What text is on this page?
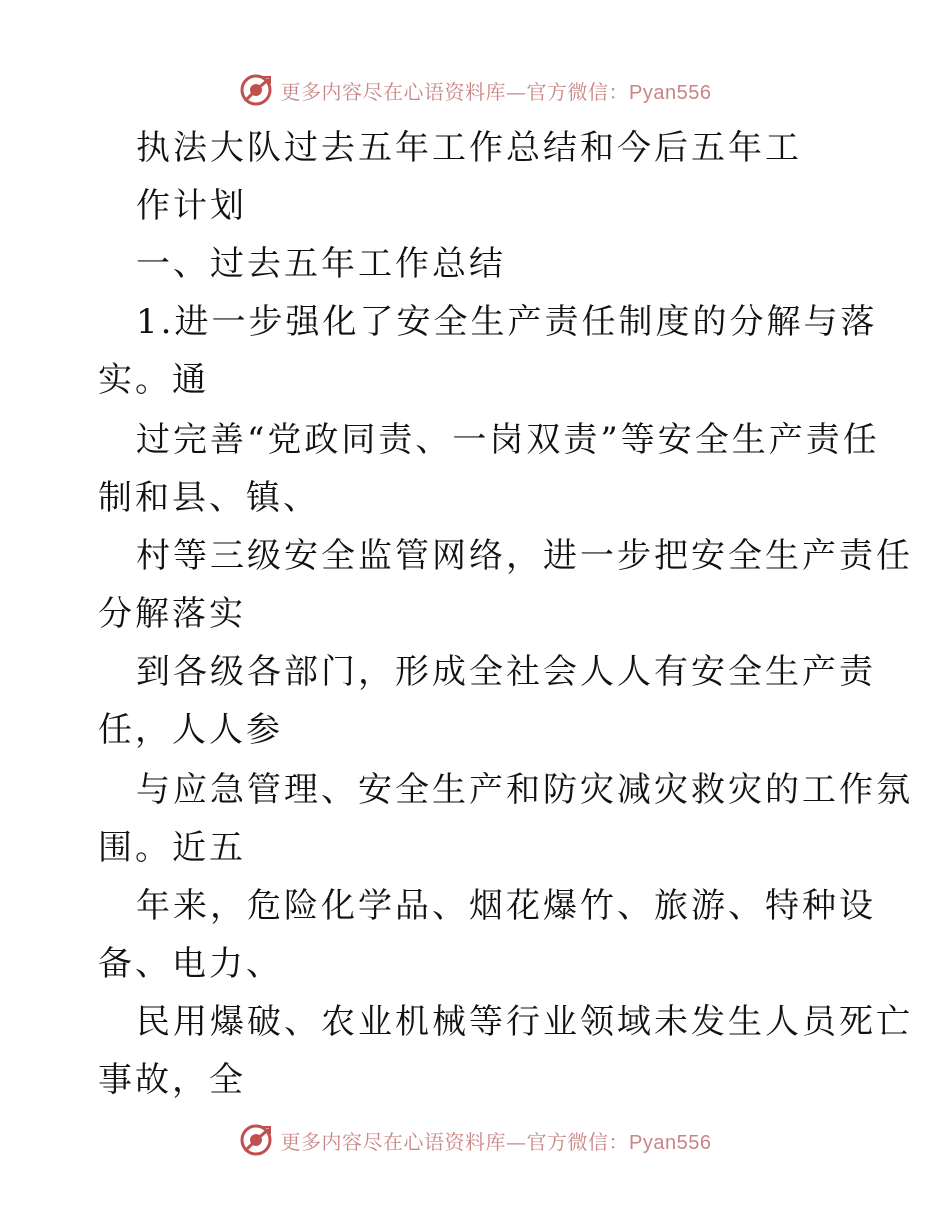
更多内容尽在心语资料库—官方微信：Pyan556
执法大队过去五年工作总结和今后五年工
作计划
一、过去五年工作总结
1.进一步强化了安全生产责任制度的分解与落
实。通
过完善“党政同责、一岗双责”等安全生产责任
制和县、镇、
村等三级安全监管网络，进一步把安全生产责任
分解落实
到各级各部门，形成全社会人人有安全生产责
任，人人参
与应急管理、安全生产和防灾减灾救灾的工作氛
围。近五
年来，危险化学品、烟花爆竹、旅游、特种设
备、电力、
民用爆破、农业机械等行业领域未发生人员死亡
事故，全
更多内容尽在心语资料库—官方微信：Pyan556
